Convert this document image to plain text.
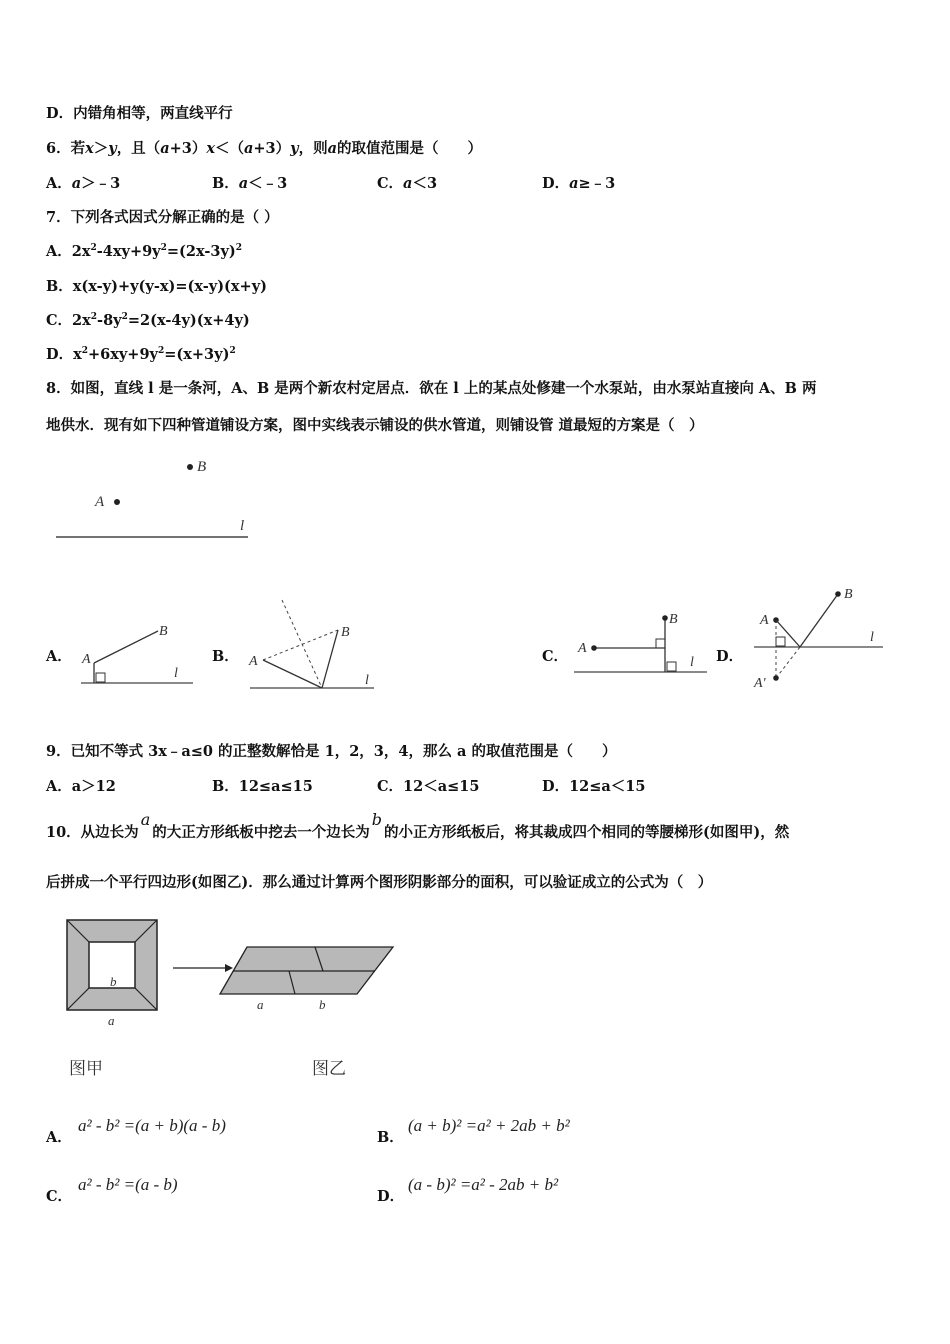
D．内错角相等，两直线平行
6．若x＞y，且（a+3）x＜（a+3）y，则a的取值范围是（　　）
A．a＞﹣3	B．a＜﹣3	C．a＜3	D．a≥﹣3
7．下列各式因式分解正确的是（ ）
A．$2x^2-4xy+9y^2=(2x-3y)^2$
B．x(x-y)+y(y-x)=(x-y)(x+y)
C．$2x^2-8y^2=2(x-4y)(x+4y)$
D．$x^2+6xy+9y^2=(x+3y)^2$
8．如图，直线 l 是一条河，A、B 是两个新农村定居点．欲在 l 上的某点处修建一个水泵站，由水泵站直接向 A、B 两
地供水．现有如下四种管道铺设方案，图中实线表示铺设的供水管道，则铺设管 道最短的方案是（　）
B
A
l
A．	B．	C．	D．
A
B
l
A
B
l
A
B
l
A
B
l
A'
9．已知不等式 3x﹣a≤0 的正整数解恰是 1，2，3，4，那么 a 的取值范围是（　　）
A．a＞12	B．12≤a≤15	C．12＜a≤15	D．12≤a＜15
10．从边长为a的大正方形纸板中挖去一个边长为b的小正方形纸板后，将其裁成四个相同的等腰梯形(如图甲)，然
后拼成一个平行四边形(如图乙)．那么通过计算两个图形阴影部分的面积，可以验证成立的公式为（　）
b
a
a	b
图甲	图乙
A．
a² - b² =(a + b)(a - b)
B．
(a + b)² =a² + 2ab + b²
C．
a² - b² =(a - b)
D．
(a - b)² =a² - 2ab + b²
